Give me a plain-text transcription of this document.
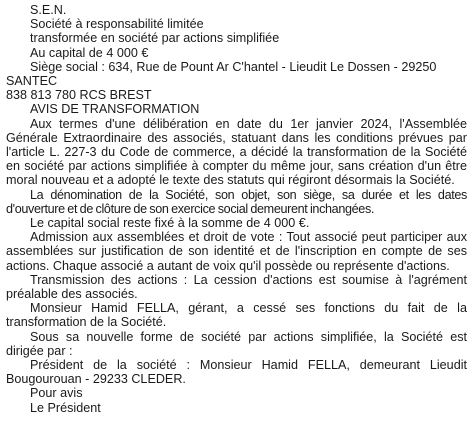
S.E.N.

Société à responsabilité limitée

transformée en société par actions simplifiée

Au capital de 4 000 €

Siège social : 634, Rue de Pount Ar C'hantel - Lieudit Le Dossen - 29250 SANTEC

838 813 780 RCS BREST

AVIS DE TRANSFORMATION

Aux termes d'une délibération en date du 1er janvier 2024, l'Assemblée Générale Extraordinaire des associés, statuant dans les conditions prévues par l'article L. 227-3 du Code de commerce, a décidé la transformation de la Société en société par actions simplifiée à compter du même jour, sans création d'un être moral nouveau et a adopté le texte des statuts qui régiront désormais la Société.

La dénomination de la Société, son objet, son siège, sa durée et les dates d'ouverture et de clôture de son exercice social demeurent inchangées.

Le capital social reste fixé à la somme de 4 000 €.

Admission aux assemblées et droit de vote : Tout associé peut participer aux assemblées sur justification de son identité et de l'inscription en compte de ses actions. Chaque associé a autant de voix qu'il possède ou représente d'actions.

Transmission des actions : La cession d'actions est soumise à l'agrément préalable des associés.

Monsieur Hamid FELLA, gérant, a cessé ses fonctions du fait de la transformation de la Société.

Sous sa nouvelle forme de société par actions simplifiée, la Société est dirigée par :

Président de la société : Monsieur Hamid FELLA, demeurant Lieudit Bougourouan - 29233 CLEDER.

Pour avis

Le Président
